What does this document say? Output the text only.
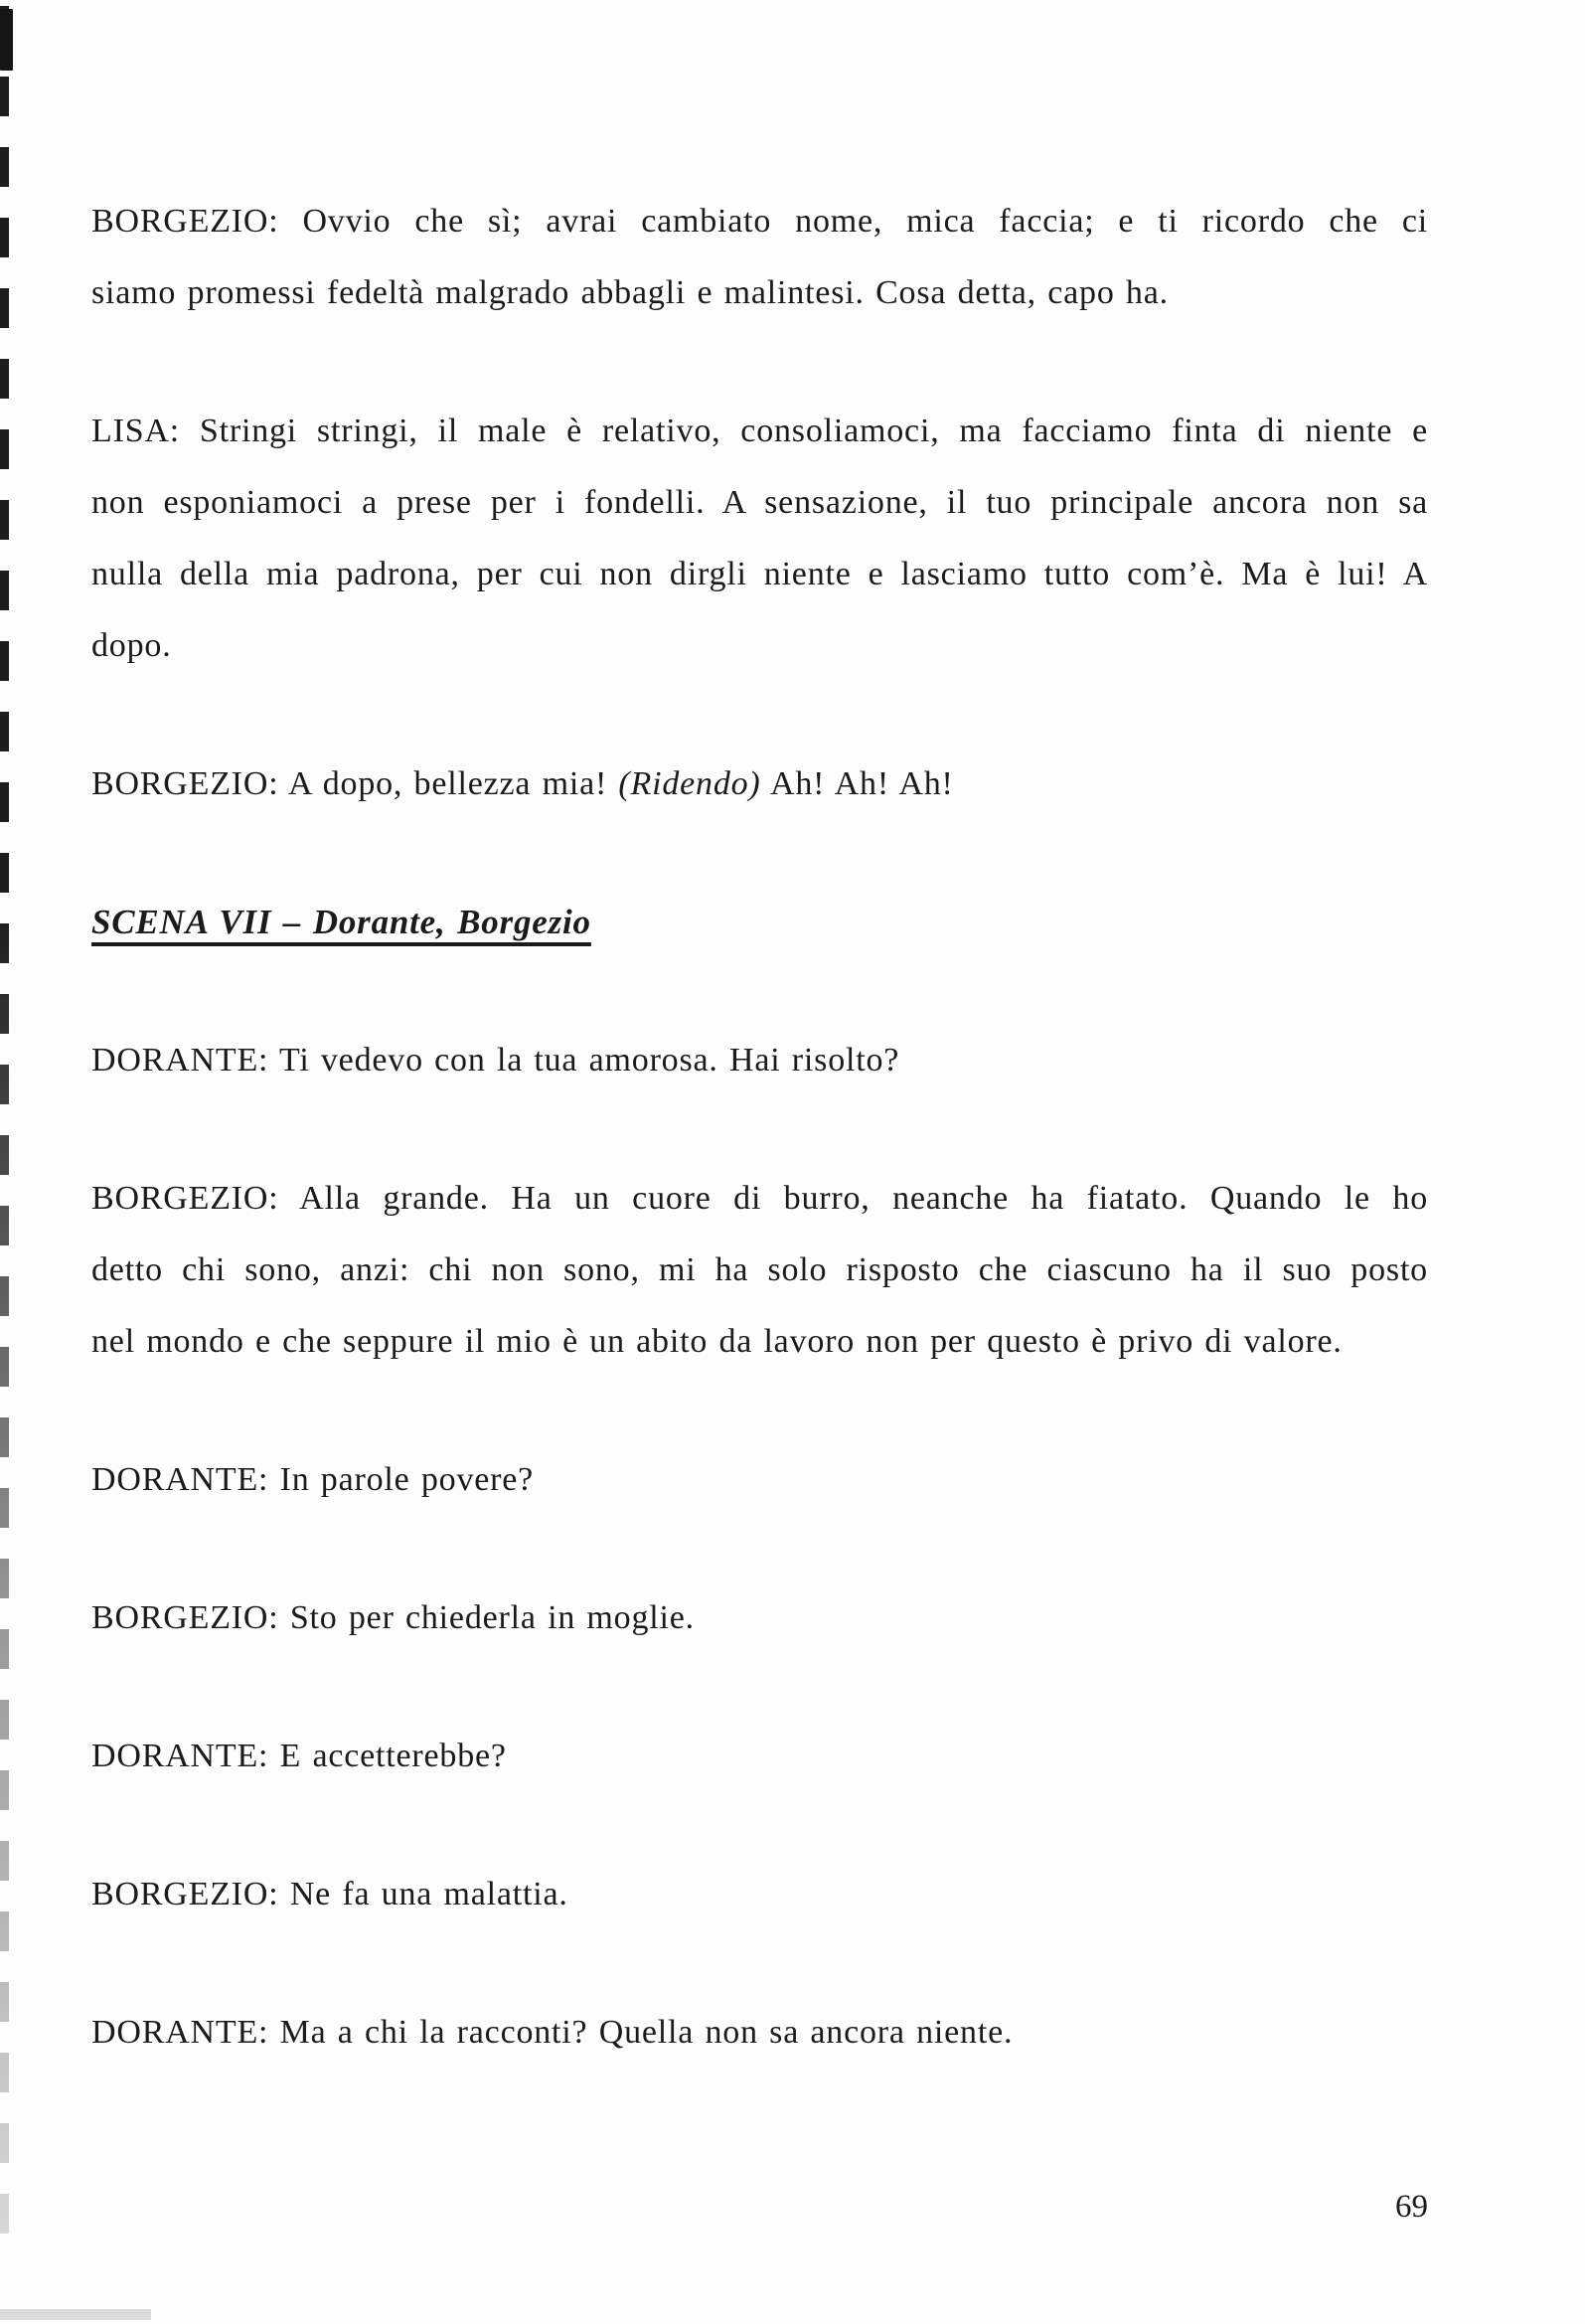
BORGEZIO: Ovvio che sì; avrai cambiato nome, mica faccia; e ti ricordo che ci
siamo promessi fedeltà malgrado abbagli e malintesi. Cosa detta, capo ha.
LISA: Stringi stringi, il male è relativo, consoliamoci, ma facciamo finta di niente e
non esponiamoci a prese per i fondelli. A sensazione, il tuo principale ancora non sa
nulla della mia padrona, per cui non dirgli niente e lasciamo tutto com’è. Ma è lui! A
dopo.
BORGEZIO: A dopo, bellezza mia! (Ridendo) Ah! Ah! Ah!
SCENA VII – Dorante, Borgezio
DORANTE: Ti vedevo con la tua amorosa. Hai risolto?
BORGEZIO: Alla grande. Ha un cuore di burro, neanche ha fiatato. Quando le ho
detto chi sono, anzi: chi non sono, mi ha solo risposto che ciascuno ha il suo posto
nel mondo e che seppure il mio è un abito da lavoro non per questo è privo di valore.
DORANTE: In parole povere?
BORGEZIO: Sto per chiederla in moglie.
DORANTE: E accetterebbe?
BORGEZIO: Ne fa una malattia.
DORANTE: Ma a chi la racconti? Quella non sa ancora niente.
69
